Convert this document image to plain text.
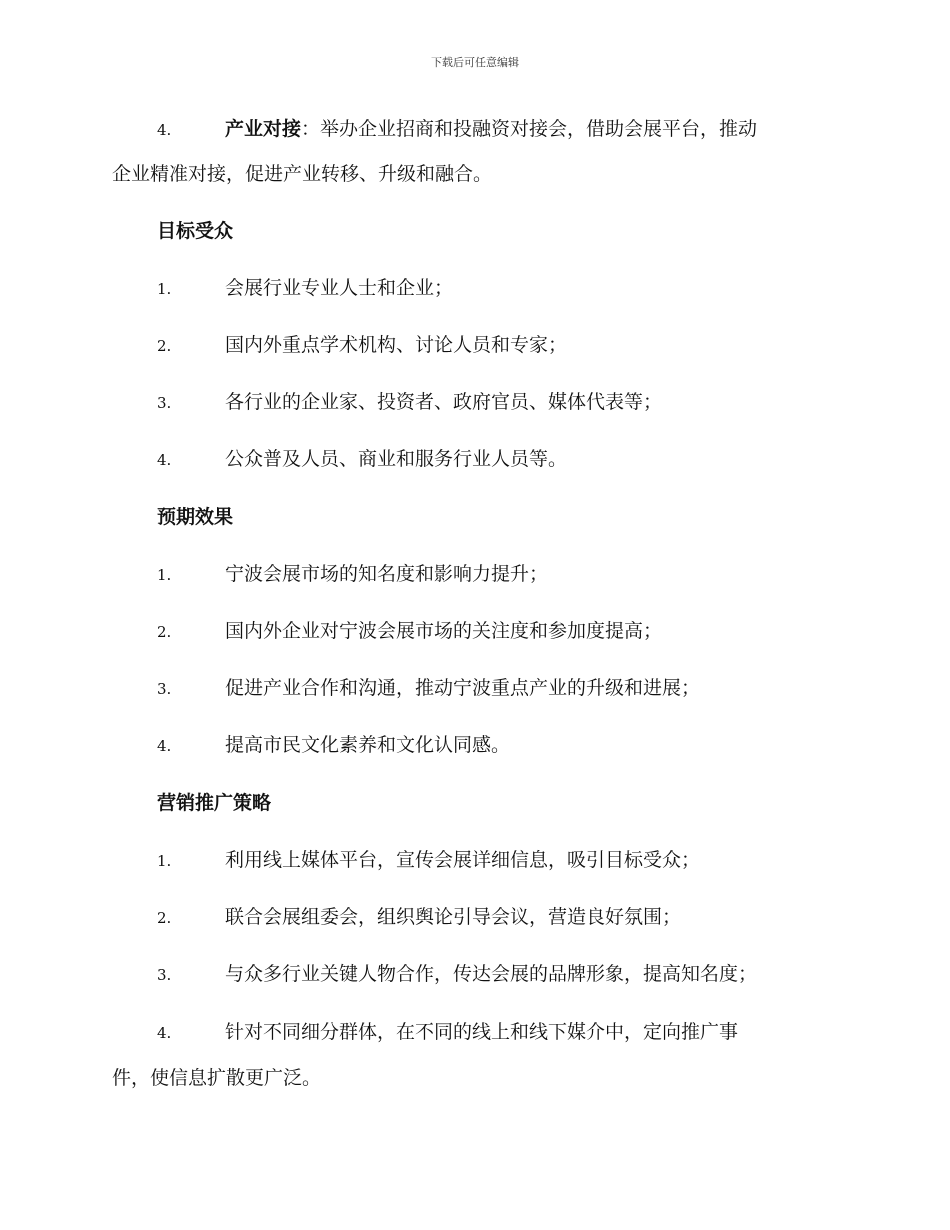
下载后可任意编辑
4.	产业对接：举办企业招商和投融资对接会，借助会展平台，推动
企业精准对接，促进产业转移、升级和融合。
目标受众
1.	会展行业专业人士和企业；
2.	国内外重点学术机构、讨论人员和专家；
3.	各行业的企业家、投资者、政府官员、媒体代表等；
4.	公众普及人员、商业和服务行业人员等。
预期效果
1.	宁波会展市场的知名度和影响力提升；
2.	国内外企业对宁波会展市场的关注度和参加度提高；
3.	促进产业合作和沟通，推动宁波重点产业的升级和进展；
4.	提高市民文化素养和文化认同感。
营销推广策略
1.	利用线上媒体平台，宣传会展详细信息，吸引目标受众；
2.	联合会展组委会，组织舆论引导会议，营造良好氛围；
3.	与众多行业关键人物合作，传达会展的品牌形象，提高知名度；
4.	针对不同细分群体，在不同的线上和线下媒介中，定向推广事
件，使信息扩散更广泛。
